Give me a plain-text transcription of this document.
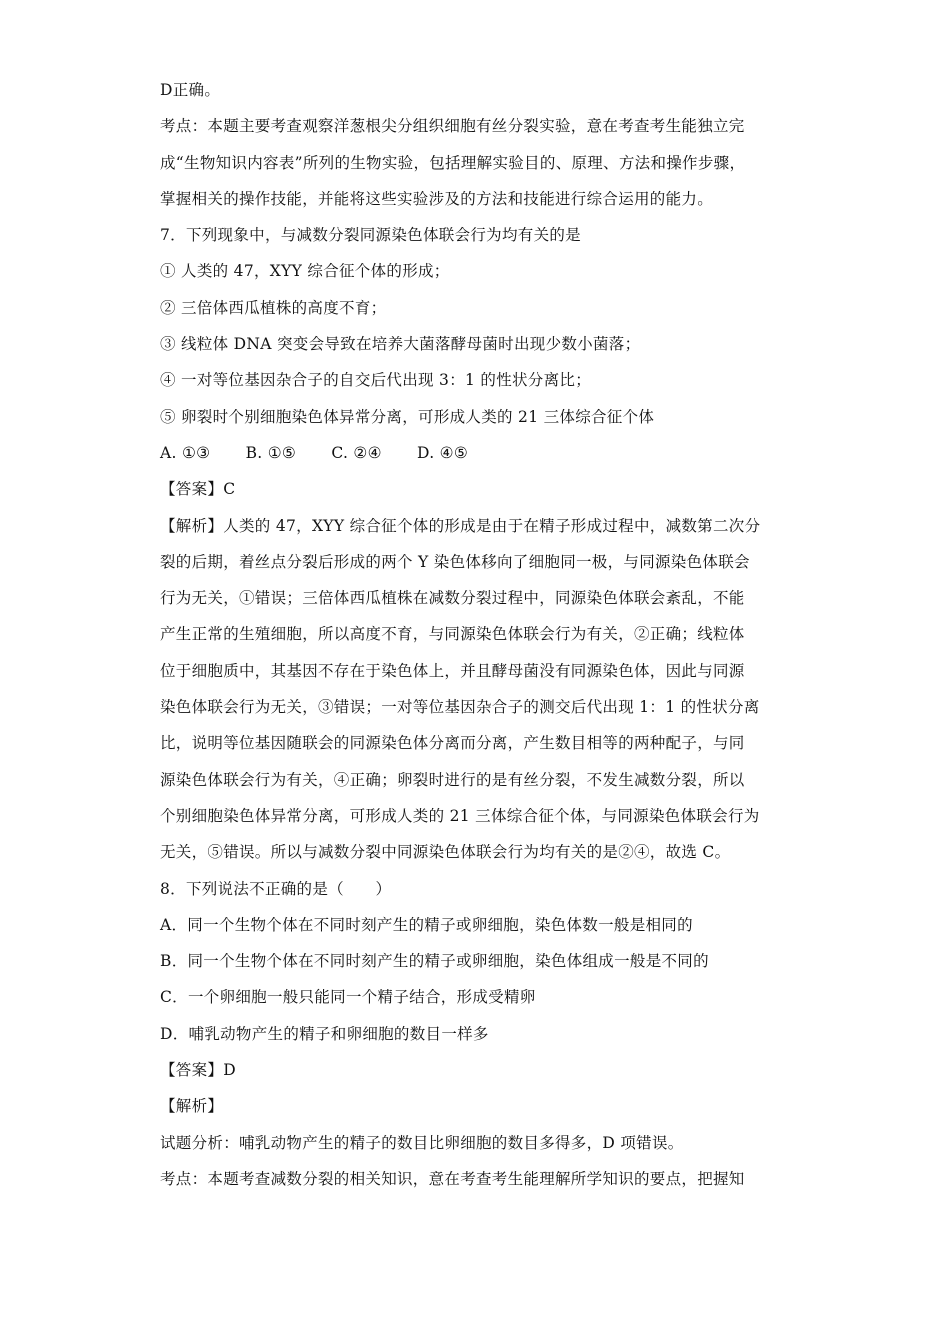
D正确。
考点：本题主要考查观察洋葱根尖分组织细胞有丝分裂实验，意在考查考生能独立完
成“生物知识内容表”所列的生物实验，包括理解实验目的、原理、方法和操作步骤，
掌握相关的操作技能，并能将这些实验涉及的方法和技能进行综合运用的能力。
7．下列现象中，与减数分裂同源染色体联会行为均有关的是
① 人类的 47，XYY 综合征个体的形成；
② 三倍体西瓜植株的高度不育；
③ 线粒体 DNA 突变会导致在培养大菌落酵母菌时出现少数小菌落；
④ 一对等位基因杂合子的自交后代出现 3：1 的性状分离比；
⑤ 卵裂时个别细胞染色体异常分离，可形成人类的 21 三体综合征个体
A. ①③ B. ①⑤ C. ②④ D. ④⑤
【答案】C
【解析】人类的 47，XYY 综合征个体的形成是由于在精子形成过程中，减数第二次分
裂的后期，着丝点分裂后形成的两个 Y 染色体移向了细胞同一极，与同源染色体联会
行为无关，①错误；三倍体西瓜植株在减数分裂过程中，同源染色体联会紊乱，不能
产生正常的生殖细胞，所以高度不育，与同源染色体联会行为有关，②正确；线粒体
位于细胞质中，其基因不存在于染色体上，并且酵母菌没有同源染色体，因此与同源
染色体联会行为无关，③错误；一对等位基因杂合子的测交后代出现 1：1 的性状分离
比，说明等位基因随联会的同源染色体分离而分离，产生数目相等的两种配子，与同
源染色体联会行为有关，④正确；卵裂时进行的是有丝分裂，不发生减数分裂，所以
个别细胞染色体异常分离，可形成人类的 21 三体综合征个体，与同源染色体联会行为
无关，⑤错误。所以与减数分裂中同源染色体联会行为均有关的是②④，故选 C。
8．下列说法不正确的是（　　）
A．同一个生物个体在不同时刻产生的精子或卵细胞，染色体数一般是相同的
B．同一个生物个体在不同时刻产生的精子或卵细胞，染色体组成一般是不同的
C．一个卵细胞一般只能同一个精子结合，形成受精卵
D．哺乳动物产生的精子和卵细胞的数目一样多
【答案】D
【解析】
试题分析：哺乳动物产生的精子的数目比卵细胞的数目多得多，D 项错误。
考点：本题考查减数分裂的相关知识，意在考查考生能理解所学知识的要点，把握知
